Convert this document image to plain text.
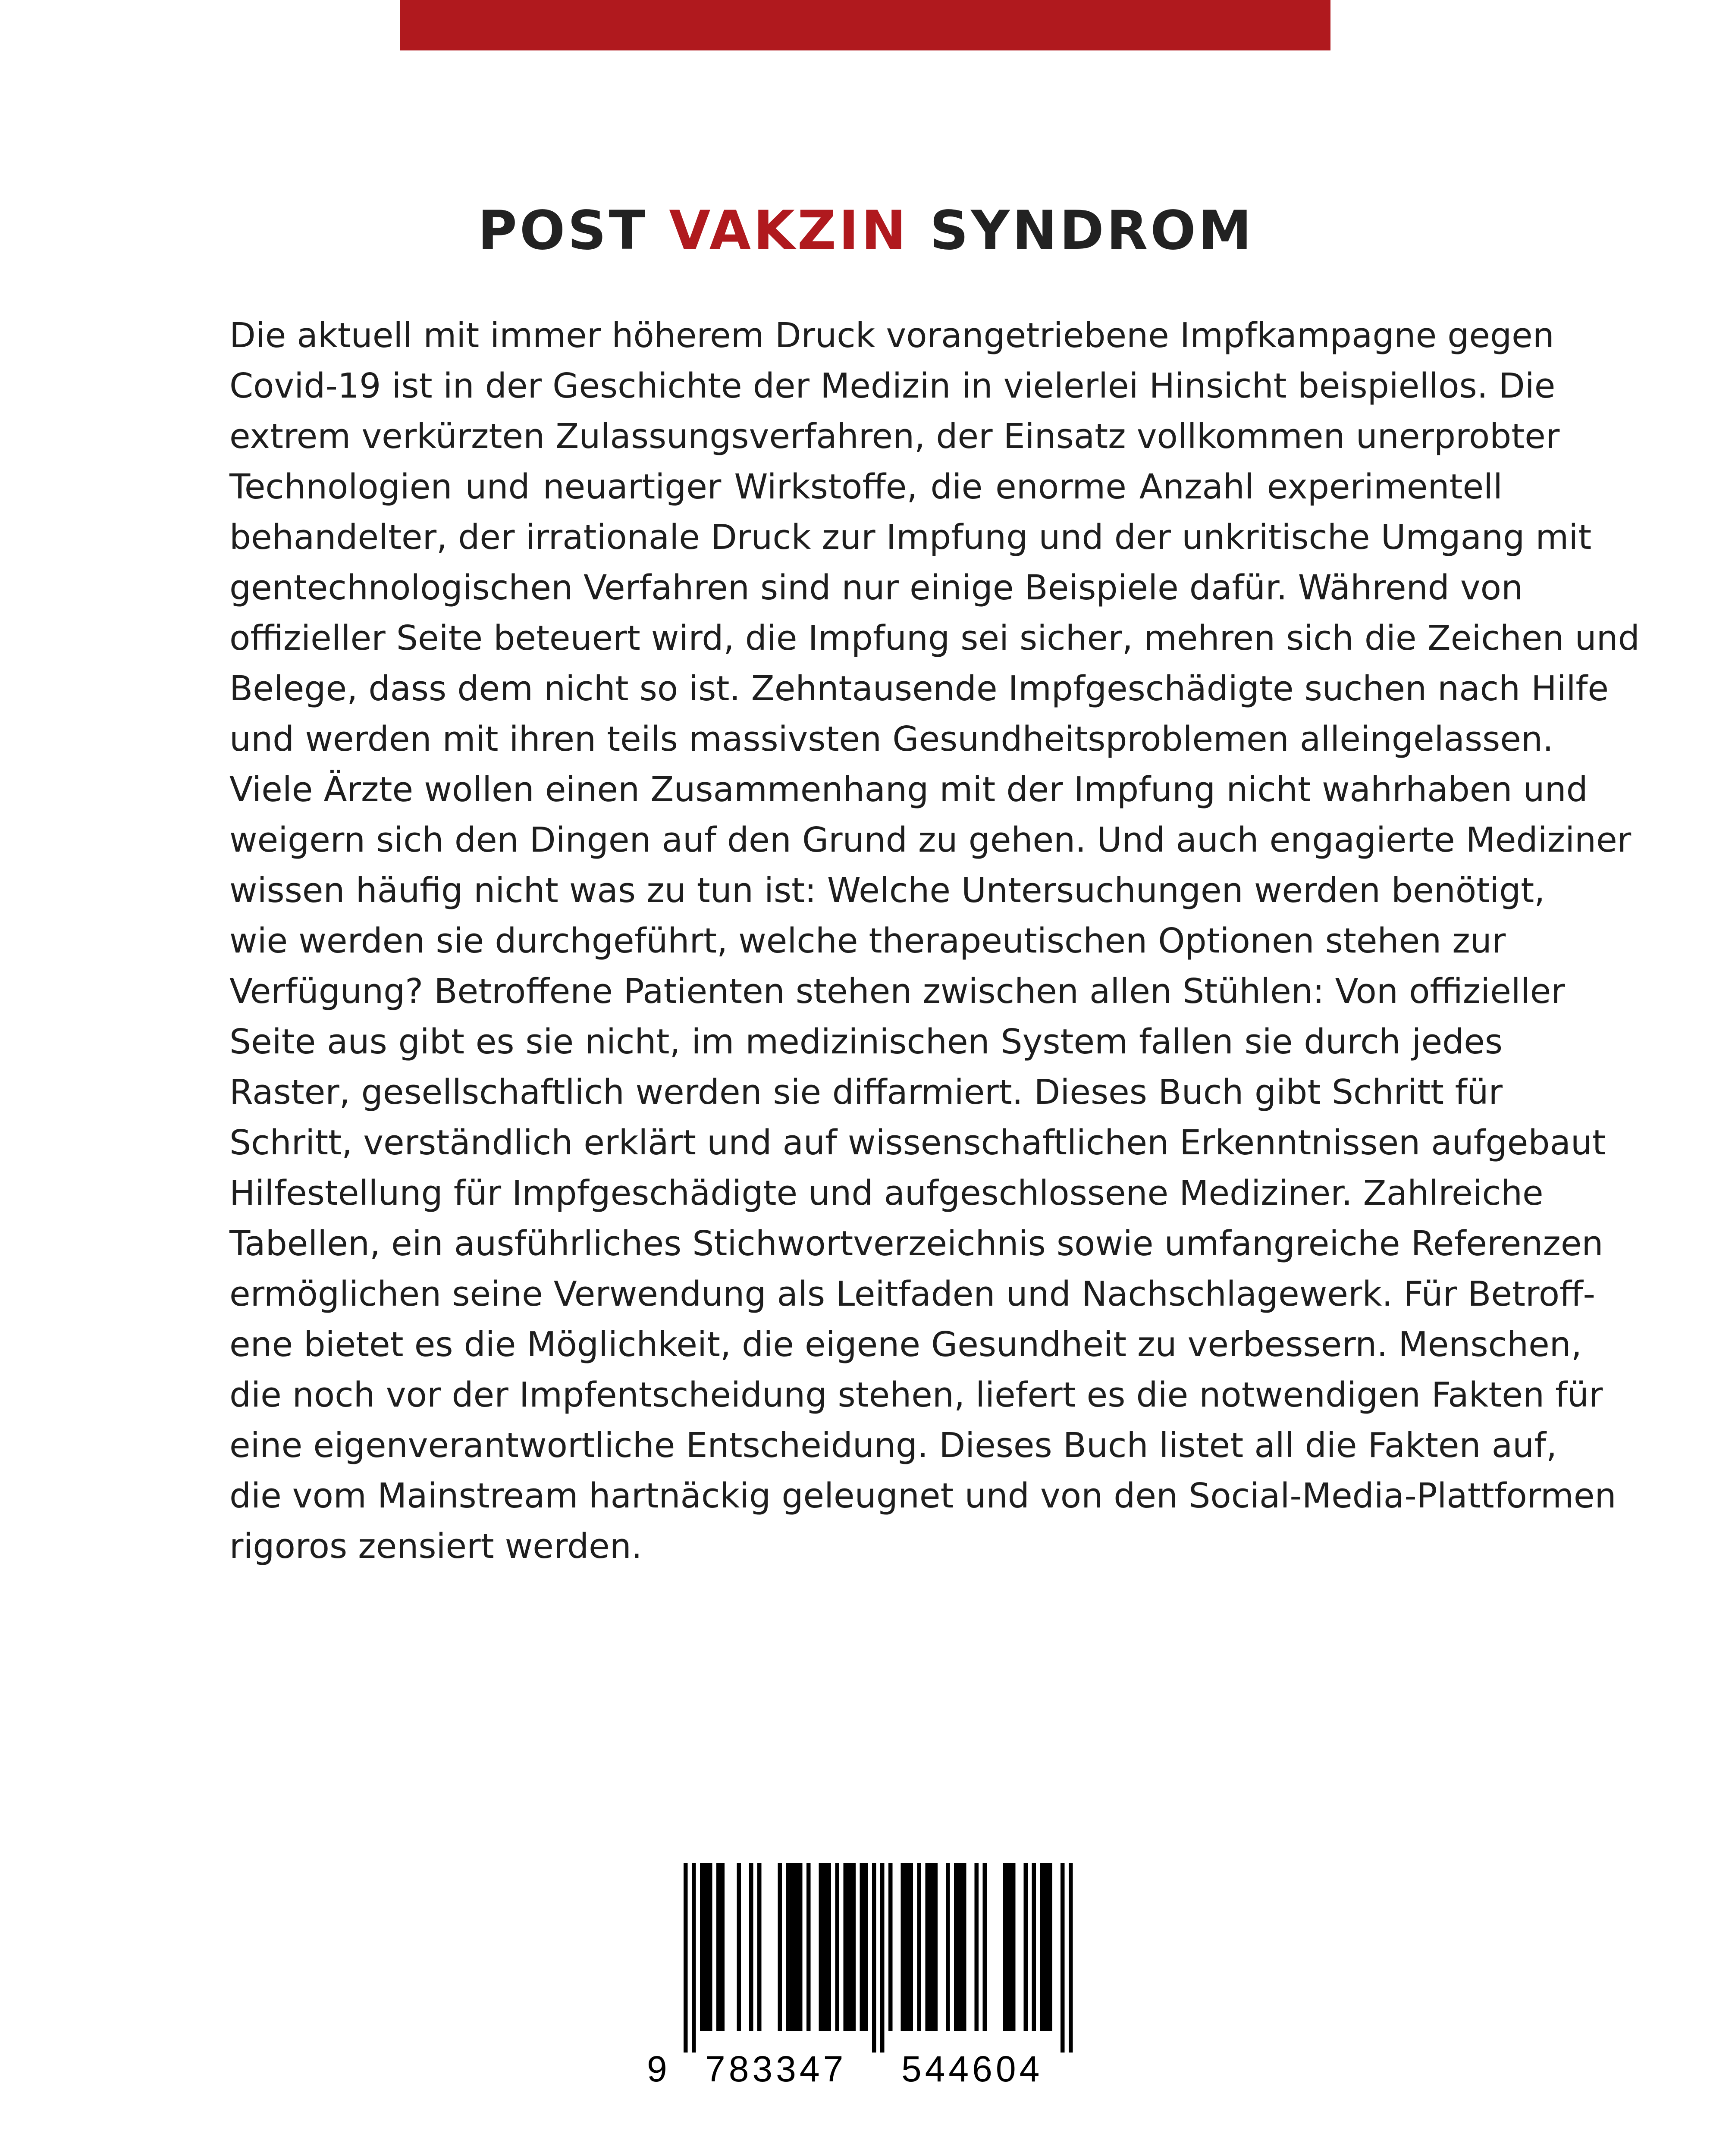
POST VAKZIN SYNDROM
Die aktuell mit immer höherem Druck vorangetriebene Impfkampagne gegen
Covid-19 ist in der Geschichte der Medizin in vielerlei Hinsicht beispiellos. Die
extrem verkürzten Zulassungsverfahren, der Einsatz vollkommen unerprobter
Technologien und neuartiger Wirkstoffe, die enorme Anzahl experimentell
behandelter, der irrationale Druck zur Impfung und der unkritische Umgang mit
gentechnologischen Verfahren sind nur einige Beispiele dafür. Während von
offizieller Seite beteuert wird, die Impfung sei sicher, mehren sich die Zeichen und
Belege, dass dem nicht so ist. Zehntausende Impfgeschädigte suchen nach Hilfe
und werden mit ihren teils massivsten Gesundheitsproblemen alleingelassen.
Viele Ärzte wollen einen Zusammenhang mit der Impfung nicht wahrhaben und
weigern sich den Dingen auf den Grund zu gehen. Und auch engagierte Mediziner
wissen häufig nicht was zu tun ist: Welche Untersuchungen werden benötigt,
wie werden sie durchgeführt, welche therapeutischen Optionen stehen zur
Verfügung? Betroffene Patienten stehen zwischen allen Stühlen: Von offizieller
Seite aus gibt es sie nicht, im medizinischen System fallen sie durch jedes
Raster, gesellschaftlich werden sie diffarmiert. Dieses Buch gibt Schritt für
Schritt, verständlich erklärt und auf wissenschaftlichen Erkenntnissen aufgebaut
Hilfestellung für Impfgeschädigte und aufgeschlossene Mediziner. Zahlreiche
Tabellen, ein ausführliches Stichwortverzeichnis sowie umfangreiche Referenzen
ermöglichen seine Verwendung als Leitfaden und Nachschlagewerk. Für Betroff-
ene bietet es die Möglichkeit, die eigene Gesundheit zu verbessern. Menschen,
die noch vor der Impfentscheidung stehen, liefert es die notwendigen Fakten für
eine eigenverantwortliche Entscheidung. Dieses Buch listet all die Fakten auf,
die vom Mainstream hartnäckig geleugnet und von den Social-Media-Plattformen
rigoros zensiert werden.
9 783347 544604
